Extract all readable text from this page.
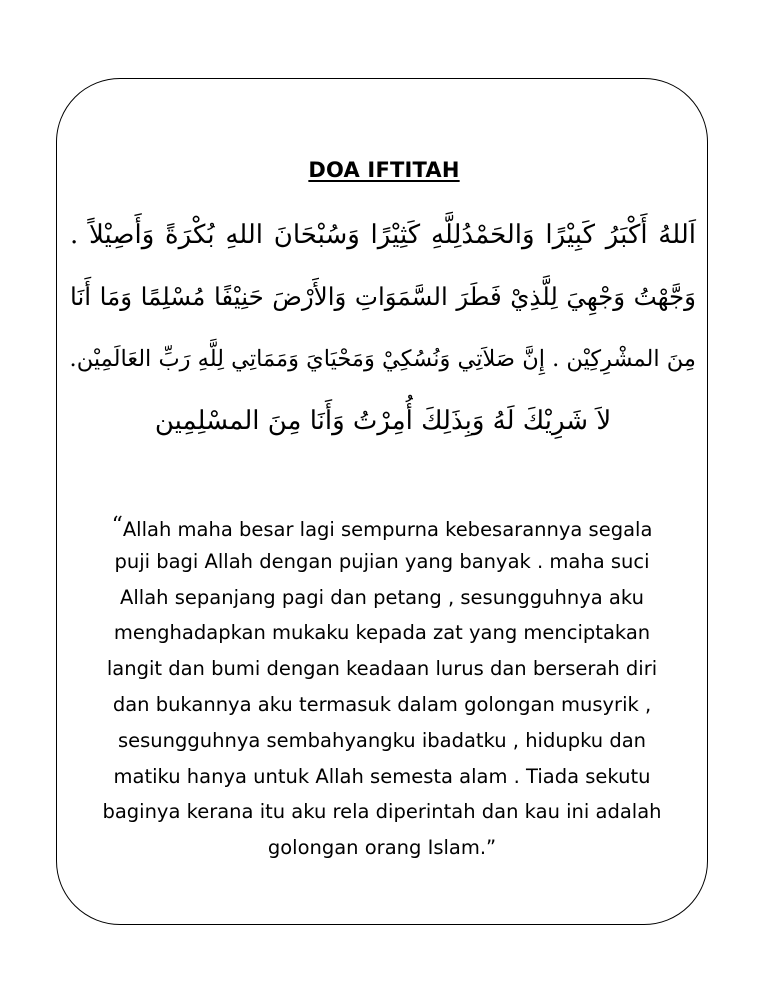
DOA IFTITAH
اَللهُ أَكْبَرُ كَبِيْرًا وَالحَمْدُلِلَّهِ كَثِيْرًا وَسُبْحَانَ اللهِ بُكْرَةً وَأَصِيْلاً .
وَجَّهْتُ وَجْهِيَ لِلَّذِيْ فَطَرَ السَّمَوَاتِ وَالأَرْضَ حَنِيْفًا مُسْلِمًا وَمَا أَنَا
مِنَ المشْرِكِيْن . إِنَّ صَلاَتِي وَنُسُكِيْ وَمَحْيَايَ وَمَمَاتِي لِلَّهِ رَبِّ العَالَمِيْن.
لاَ شَرِيْكَ لَهُ وَبِذَلِكَ أُمِرْتُ وَأَنَا مِنَ المسْلِمِين
“Allah maha besar lagi sempurna kebesarannya segala
puji bagi Allah dengan pujian yang banyak . maha suci
Allah sepanjang pagi dan petang , sesungguhnya aku
menghadapkan mukaku kepada zat yang menciptakan
langit dan bumi dengan keadaan lurus dan berserah diri
dan bukannya aku termasuk dalam golongan musyrik ,
sesungguhnya sembahyangku ibadatku , hidupku dan
matiku hanya untuk Allah semesta alam . Tiada sekutu
baginya kerana itu aku rela diperintah dan kau ini adalah
golongan orang Islam.”
